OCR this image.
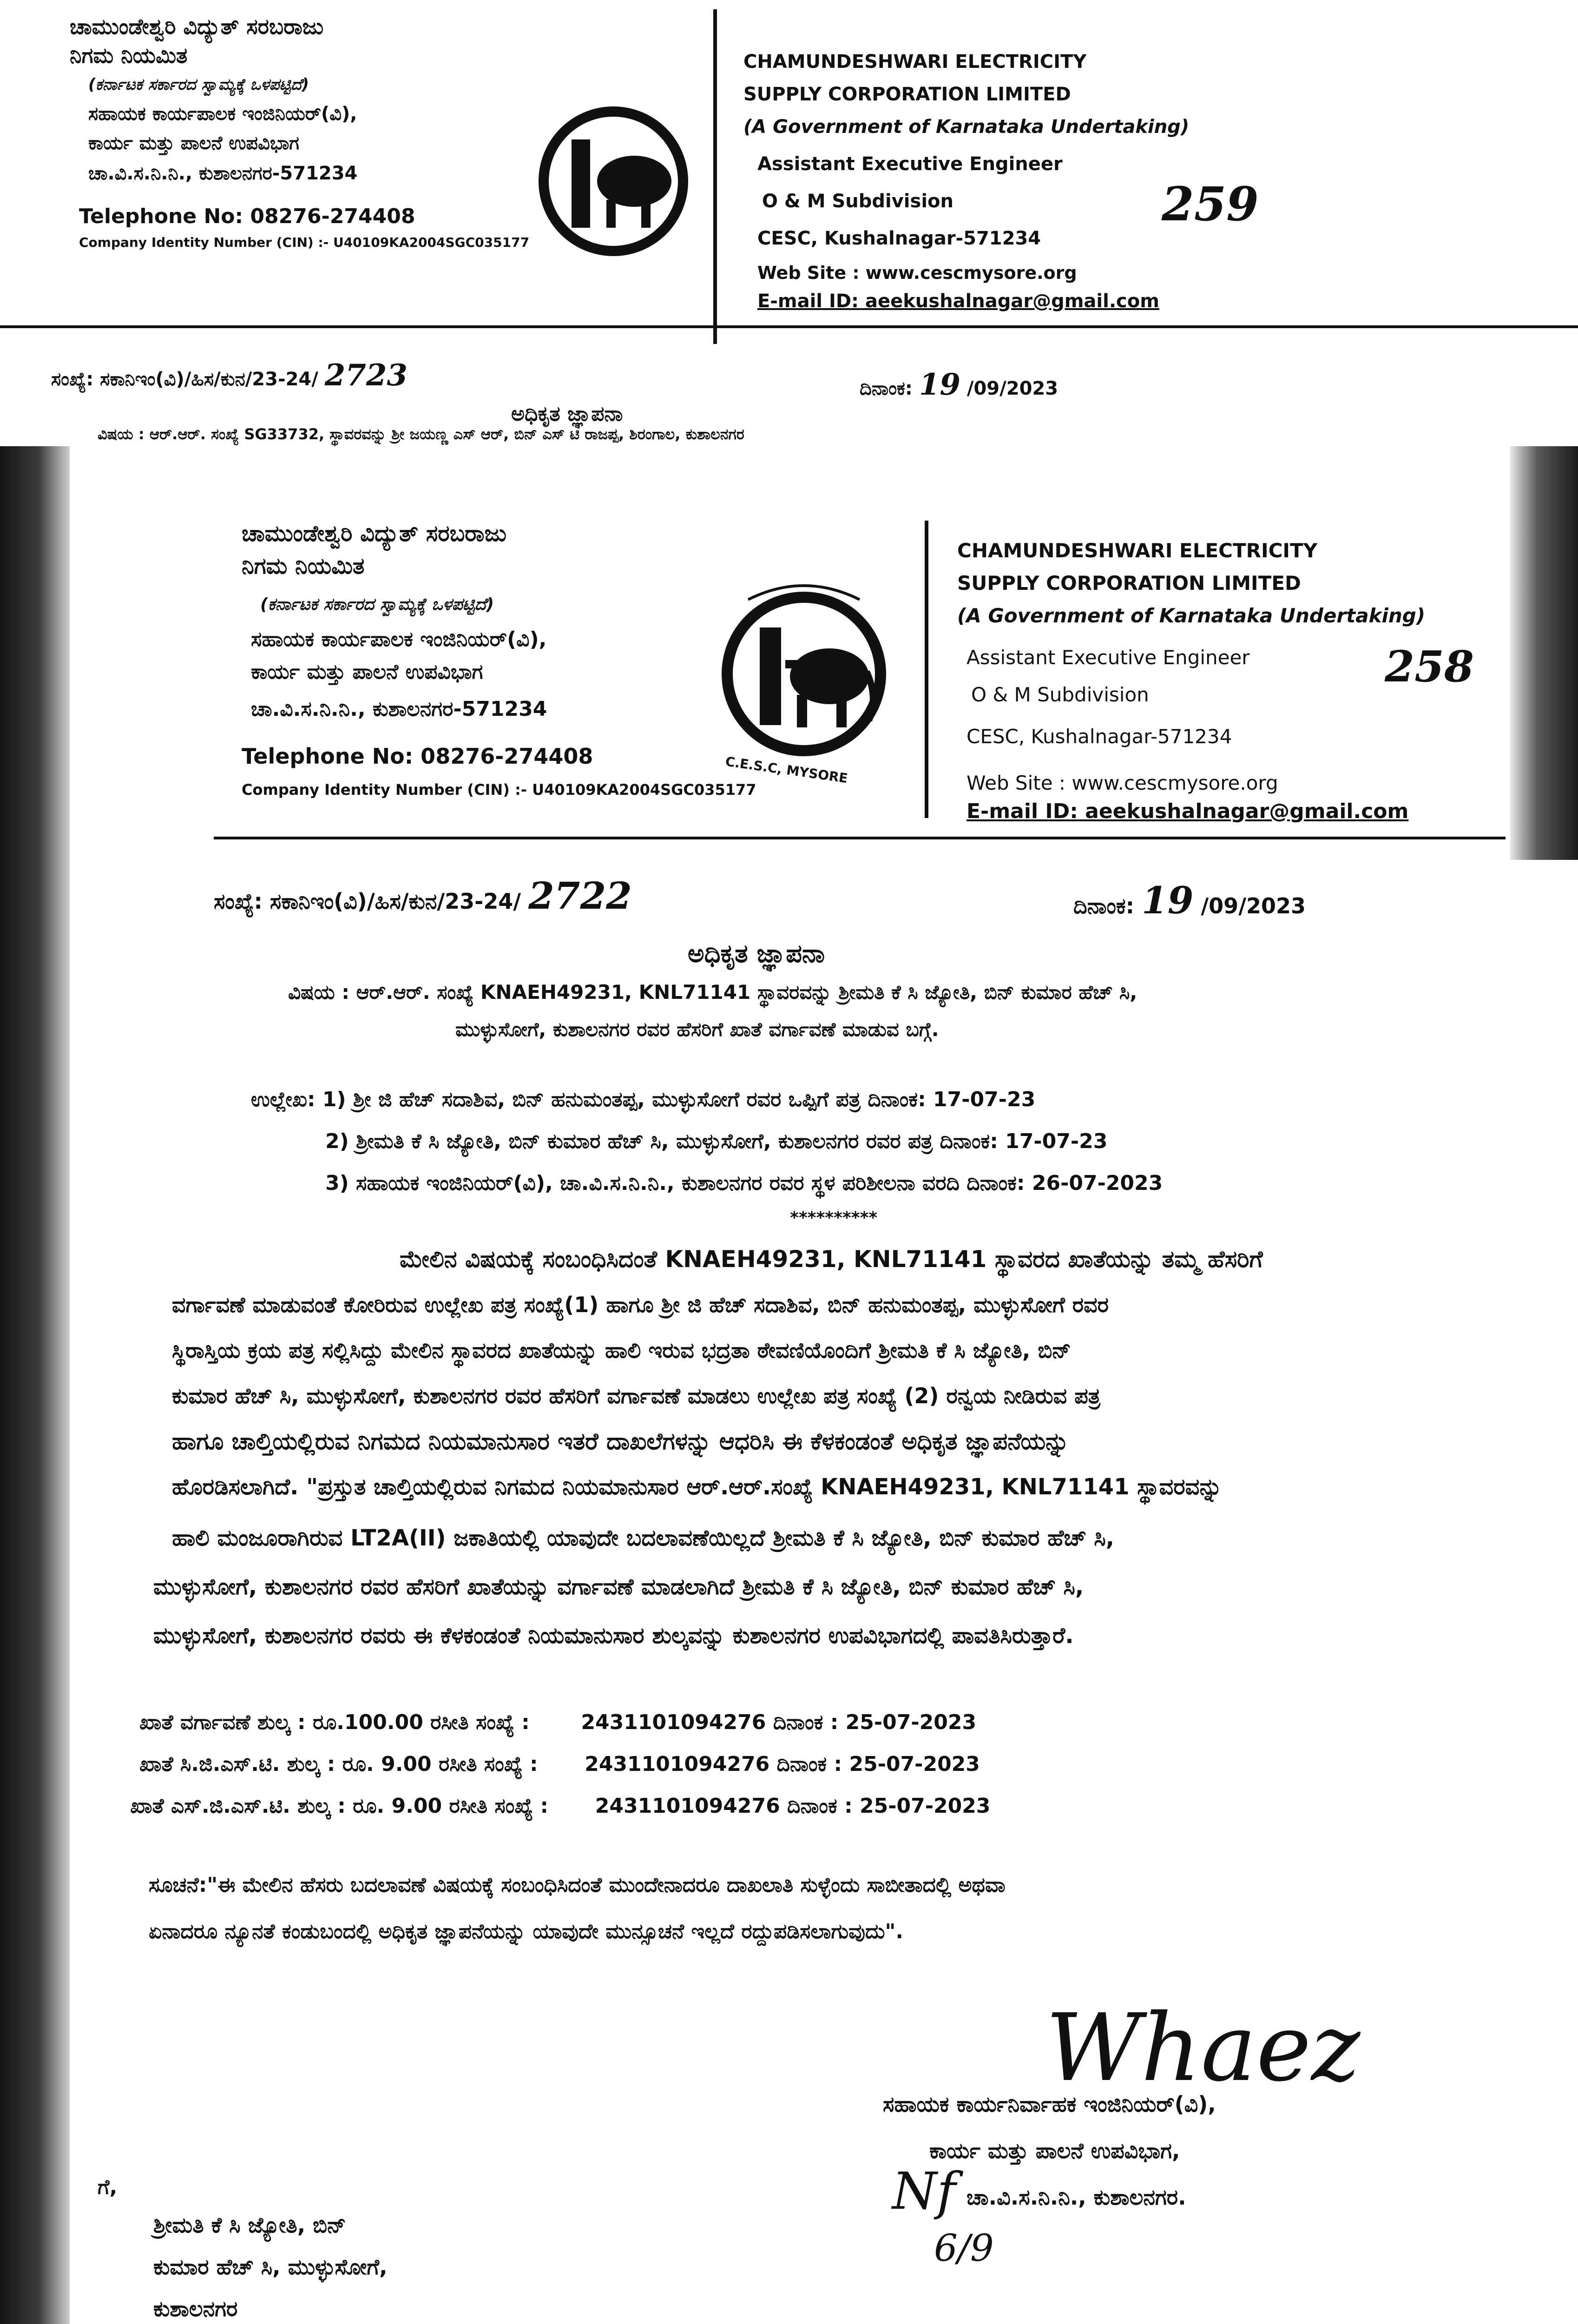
ಚಾಮುಂಡೇಶ್ವರಿ ವಿದ್ಯುತ್ ಸರಬರಾಜು
ನಿಗಮ ನಿಯಮಿತ
(ಕರ್ನಾಟಕ ಸರ್ಕಾರದ ಸ್ವಾಮ್ಯಕ್ಕೆ ಒಳಪಟ್ಟಿದೆ)
ಸಹಾಯಕ ಕಾರ್ಯಪಾಲಕ ಇಂಜಿನಿಯರ್(ವಿ),
ಕಾರ್ಯ ಮತ್ತು ಪಾಲನೆ ಉಪವಿಭಾಗ
ಚಾ.ವಿ.ಸ.ನಿ.ನಿ., ಕುಶಾಲನಗರ-571234
Telephone No: 08276-274408
Company Identity Number (CIN) :- U40109KA2004SGC035177
CHAMUNDESHWARI ELECTRICITY
SUPPLY CORPORATION LIMITED
(A Government of Karnataka Undertaking)
Assistant Executive Engineer
O & M Subdivision
CESC, Kushalnagar-571234
Web Site : www.cescmysore.org
E-mail ID: aeekushalnagar@gmail.com
259
ಸಂಖ್ಯೆ: ಸಕಾನಿಇಂ(ವಿ)/ಹಿಸ/ಕುನ/23-24/ 2723	ದಿನಾಂಕ: 19 /09/2023
ಅಧಿಕೃತ ಜ್ಞಾಪನಾ
ವಿಷಯ : ಆರ್.ಆರ್. ಸಂಖ್ಯೆ SG33732, ಸ್ಥಾವರವನ್ನು ಶ್ರೀ ಜಯಣ್ಣ ಎಸ್ ಆರ್, ಬಿನ್ ಎಸ್ ಟಿ ರಾಜಪ್ಪ, ಶಿರಂಗಾಲ, ಕುಶಾಲನಗರ
ಚಾಮುಂಡೇಶ್ವರಿ ವಿದ್ಯುತ್ ಸರಬರಾಜು
ನಿಗಮ ನಿಯಮಿತ
(ಕರ್ನಾಟಕ ಸರ್ಕಾರದ ಸ್ವಾಮ್ಯಕ್ಕೆ ಒಳಪಟ್ಟಿದೆ)
ಸಹಾಯಕ ಕಾರ್ಯಪಾಲಕ ಇಂಜಿನಿಯರ್(ವಿ),
ಕಾರ್ಯ ಮತ್ತು ಪಾಲನೆ ಉಪವಿಭಾಗ
ಚಾ.ವಿ.ಸ.ನಿ.ನಿ., ಕುಶಾಲನಗರ-571234
Telephone No: 08276-274408
Company Identity Number (CIN) :- U40109KA2004SGC035177
C.E.S.C, MYSORE
CHAMUNDESHWARI ELECTRICITY
SUPPLY CORPORATION LIMITED
(A Government of Karnataka Undertaking)
Assistant Executive Engineer
O & M Subdivision
CESC, Kushalnagar-571234
Web Site : www.cescmysore.org
E-mail ID: aeekushalnagar@gmail.com
258
ಸಂಖ್ಯೆ: ಸಕಾನಿಇಂ(ವಿ)/ಹಿಸ/ಕುನ/23-24/ 2722	ದಿನಾಂಕ: 19 /09/2023
ಅಧಿಕೃತ ಜ್ಞಾಪನಾ
ವಿಷಯ : ಆರ್.ಆರ್. ಸಂಖ್ಯೆ KNAEH49231, KNL71141 ಸ್ಥಾವರವನ್ನು ಶ್ರೀಮತಿ ಕೆ ಸಿ ಜ್ಯೋತಿ, ಬಿನ್ ಕುಮಾರ ಹೆಚ್ ಸಿ,
ಮುಳ್ಳುಸೋಗೆ, ಕುಶಾಲನಗರ ರವರ ಹೆಸರಿಗೆ ಖಾತೆ ವರ್ಗಾವಣೆ ಮಾಡುವ ಬಗ್ಗೆ.
ಉಲ್ಲೇಖ: 1) ಶ್ರೀ ಜಿ ಹೆಚ್ ಸದಾಶಿವ, ಬಿನ್ ಹನುಮಂತಪ್ಪ, ಮುಳ್ಳುಸೋಗೆ ರವರ ಒಪ್ಪಿಗೆ ಪತ್ರ ದಿನಾಂಕ: 17-07-23
2) ಶ್ರೀಮತಿ ಕೆ ಸಿ ಜ್ಯೋತಿ, ಬಿನ್ ಕುಮಾರ ಹೆಚ್ ಸಿ, ಮುಳ್ಳುಸೋಗೆ, ಕುಶಾಲನಗರ ರವರ ಪತ್ರ ದಿನಾಂಕ: 17-07-23
3) ಸಹಾಯಕ ಇಂಜಿನಿಯರ್(ವಿ), ಚಾ.ವಿ.ಸ.ನಿ.ನಿ., ಕುಶಾಲನಗರ ರವರ ಸ್ಥಳ ಪರಿಶೀಲನಾ ವರದಿ ದಿನಾಂಕ: 26-07-2023
**********
ಮೇಲಿನ ವಿಷಯಕ್ಕೆ ಸಂಬಂಧಿಸಿದಂತೆ KNAEH49231, KNL71141 ಸ್ಥಾವರದ ಖಾತೆಯನ್ನು ತಮ್ಮ ಹೆಸರಿಗೆ
ವರ್ಗಾವಣೆ ಮಾಡುವಂತೆ ಕೋರಿರುವ ಉಲ್ಲೇಖ ಪತ್ರ ಸಂಖ್ಯೆ(1) ಹಾಗೂ ಶ್ರೀ ಜಿ ಹೆಚ್ ಸದಾಶಿವ, ಬಿನ್ ಹನುಮಂತಪ್ಪ, ಮುಳ್ಳುಸೋಗೆ ರವರ
ಸ್ಥಿರಾಸ್ತಿಯ ಕ್ರಯ ಪತ್ರ ಸಲ್ಲಿಸಿದ್ದು ಮೇಲಿನ ಸ್ಥಾವರದ ಖಾತೆಯನ್ನು ಹಾಲಿ ಇರುವ ಭದ್ರತಾ ಠೇವಣಿಯೊಂದಿಗೆ ಶ್ರೀಮತಿ ಕೆ ಸಿ ಜ್ಯೋತಿ, ಬಿನ್
ಕುಮಾರ ಹೆಚ್ ಸಿ, ಮುಳ್ಳುಸೋಗೆ, ಕುಶಾಲನಗರ ರವರ ಹೆಸರಿಗೆ ವರ್ಗಾವಣೆ ಮಾಡಲು ಉಲ್ಲೇಖ ಪತ್ರ ಸಂಖ್ಯೆ (2) ರನ್ವಯ ನೀಡಿರುವ ಪತ್ರ
ಹಾಗೂ ಚಾಲ್ತಿಯಲ್ಲಿರುವ ನಿಗಮದ ನಿಯಮಾನುಸಾರ ಇತರೆ ದಾಖಲೆಗಳನ್ನು ಆಧರಿಸಿ ಈ ಕೆಳಕಂಡಂತೆ ಅಧಿಕೃತ ಜ್ಞಾಪನೆಯನ್ನು
ಹೊರಡಿಸಲಾಗಿದೆ. "ಪ್ರಸ್ತುತ ಚಾಲ್ತಿಯಲ್ಲಿರುವ ನಿಗಮದ ನಿಯಮಾನುಸಾರ ಆರ್.ಆರ್.ಸಂಖ್ಯೆ KNAEH49231, KNL71141 ಸ್ಥಾವರವನ್ನು
ಹಾಲಿ ಮಂಜೂರಾಗಿರುವ LT2A(II) ಜಕಾತಿಯಲ್ಲಿ ಯಾವುದೇ ಬದಲಾವಣೆಯಿಲ್ಲದೆ ಶ್ರೀಮತಿ ಕೆ ಸಿ ಜ್ಯೋತಿ, ಬಿನ್ ಕುಮಾರ ಹೆಚ್ ಸಿ,
ಮುಳ್ಳುಸೋಗೆ, ಕುಶಾಲನಗರ ರವರ ಹೆಸರಿಗೆ ಖಾತೆಯನ್ನು ವರ್ಗಾವಣೆ ಮಾಡಲಾಗಿದೆ ಶ್ರೀಮತಿ ಕೆ ಸಿ ಜ್ಯೋತಿ, ಬಿನ್ ಕುಮಾರ ಹೆಚ್ ಸಿ,
ಮುಳ್ಳುಸೋಗೆ, ಕುಶಾಲನಗರ ರವರು ಈ ಕೆಳಕಂಡಂತೆ ನಿಯಮಾನುಸಾರ ಶುಲ್ಕವನ್ನು ಕುಶಾಲನಗರ ಉಪವಿಭಾಗದಲ್ಲಿ ಪಾವತಿಸಿರುತ್ತಾರೆ.
ಖಾತೆ ವರ್ಗಾವಣೆ ಶುಲ್ಕ : ರೂ.100.00 ರಸೀತಿ ಸಂಖ್ಯೆ :	2431101094276 ದಿನಾಂಕ : 25-07-2023
ಖಾತೆ ಸಿ.ಜಿ.ಎಸ್.ಟಿ. ಶುಲ್ಕ : ರೂ. 9.00 ರಸೀತಿ ಸಂಖ್ಯೆ : 2431101094276 ದಿನಾಂಕ : 25-07-2023
ಖಾತೆ ಎಸ್.ಜಿ.ಎಸ್.ಟಿ. ಶುಲ್ಕ : ರೂ. 9.00 ರಸೀತಿ ಸಂಖ್ಯೆ : 2431101094276 ದಿನಾಂಕ : 25-07-2023
ಸೂಚನೆ:"ಈ ಮೇಲಿನ ಹೆಸರು ಬದಲಾವಣೆ ವಿಷಯಕ್ಕೆ ಸಂಬಂಧಿಸಿದಂತೆ ಮುಂದೇನಾದರೂ ದಾಖಲಾತಿ ಸುಳ್ಳೆಂದು ಸಾಬೀತಾದಲ್ಲಿ ಅಥವಾ
ಏನಾದರೂ ನ್ಯೂನತೆ ಕಂಡುಬಂದಲ್ಲಿ ಅಧಿಕೃತ ಜ್ಞಾಪನೆಯನ್ನು ಯಾವುದೇ ಮುನ್ಸೂಚನೆ ಇಲ್ಲದೆ ರದ್ದುಪಡಿಸಲಾಗುವುದು".
Whaez
ಸಹಾಯಕ ಕಾರ್ಯನಿರ್ವಾಹಕ ಇಂಜಿನಿಯರ್(ವಿ),
ಕಾರ್ಯ ಮತ್ತು ಪಾಲನೆ ಉಪವಿಭಾಗ,
Nf ಚಾ.ವಿ.ಸ.ನಿ.ನಿ., ಕುಶಾಲನಗರ.
6/9
ಗೆ,
ಶ್ರೀಮತಿ ಕೆ ಸಿ ಜ್ಯೋತಿ, ಬಿನ್
ಕುಮಾರ ಹೆಚ್ ಸಿ, ಮುಳ್ಳುಸೋಗೆ,
ಕುಶಾಲನಗರ
